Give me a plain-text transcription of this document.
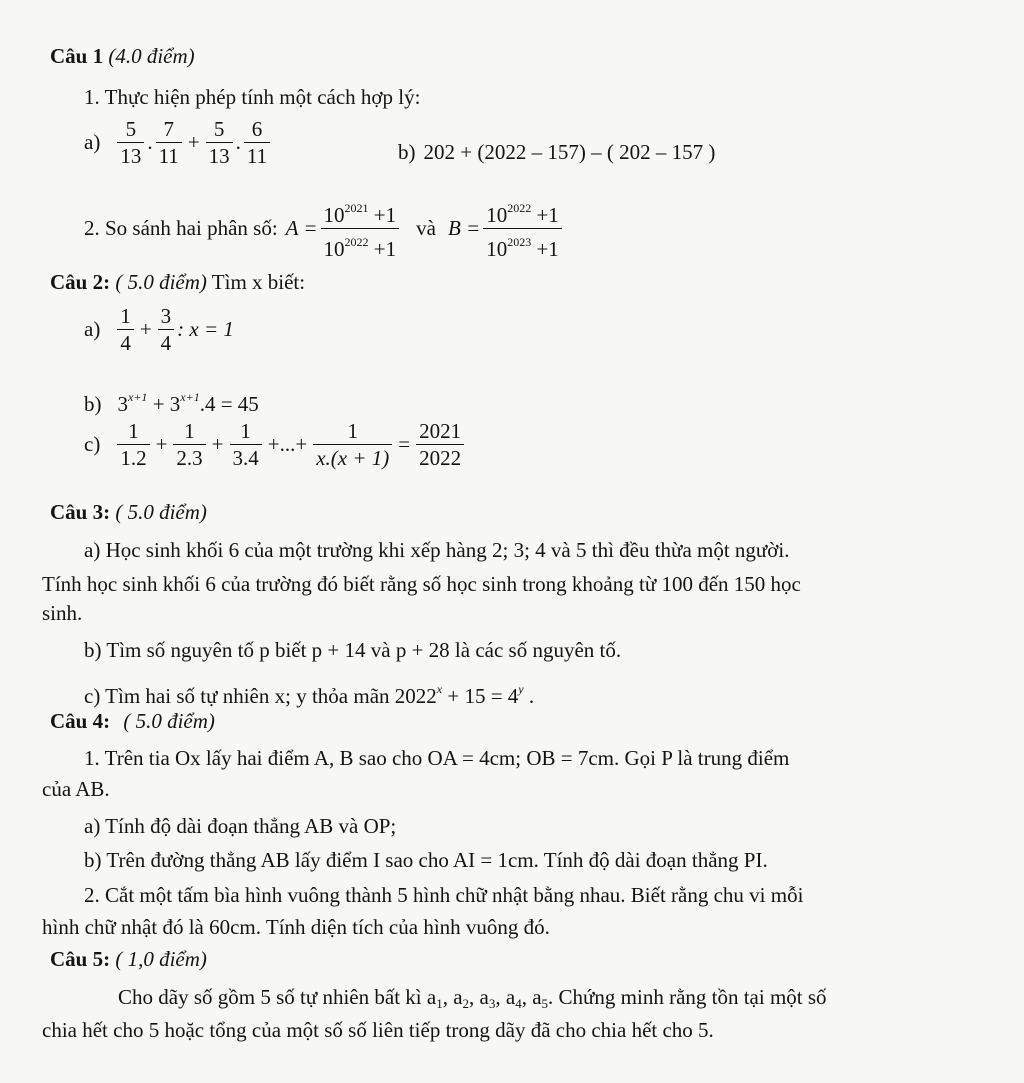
Câu 1 (4.0 điểm)
1. Thực hiện phép tính một cách hợp lý:
$a) \frac{5}{13}$ . $\frac{7}{11} + \frac{5}{13}$ . $\frac{6}{11}$	b) 202 + (2022 – 157) – ( 202 – 157 )
2. So sánh hai phân số: $A = \frac{10^{2021} +1}{10^{2022} +1}$ và $B = \frac{10^{2022} +1}{10^{2023} +1}$
Câu 2: ( 5.0 điểm) Tìm x biết:
$a) \frac{1}{4} + \frac{3}{4}$ : x = 1
b) $3^{x+1} + 3^{x+1}.4 = 45$
$c) \frac{1}{1.2} + \frac{1}{2.3} + \frac{1}{3.4}$ +...+ $\frac{1}{x.(x + 1)} = \frac{2021}{2022}$
Câu 3: ( 5.0 điểm)
a) Học sinh khối 6 của một trường khi xếp hàng 2; 3; 4 và 5 thì đều thừa một người.
Tính học sinh khối 6 của trường đó biết rằng số học sinh trong khoảng từ 100 đến 150 học
sinh.
b) Tìm số nguyên tố p biết p + 14 và p + 28 là các số nguyên tố.
c) Tìm hai số tự nhiên x; y thỏa mãn $2022^x + 15 = 4^y$ .
Câu 4: ( 5.0 điểm)
1. Trên tia Ox lấy hai điểm A, B sao cho OA = 4cm; OB = 7cm. Gọi P là trung điểm
của AB.
a) Tính độ dài đoạn thẳng AB và OP;
b) Trên đường thẳng AB lấy điểm I sao cho AI = 1cm. Tính độ dài đoạn thẳng PI.
2. Cắt một tấm bìa hình vuông thành 5 hình chữ nhật bằng nhau. Biết rằng chu vi mỗi
hình chữ nhật đó là 60cm. Tính diện tích của hình vuông đó.
Câu 5: ( 1,0 điểm)
Cho dãy số gồm 5 số tự nhiên bất kì $a_1$, $a_2$, $a_3$, $a_4$, $a_5$. Chứng minh rằng tồn tại một số
chia hết cho 5 hoặc tổng của một số số liên tiếp trong dãy đã cho chia hết cho 5.
